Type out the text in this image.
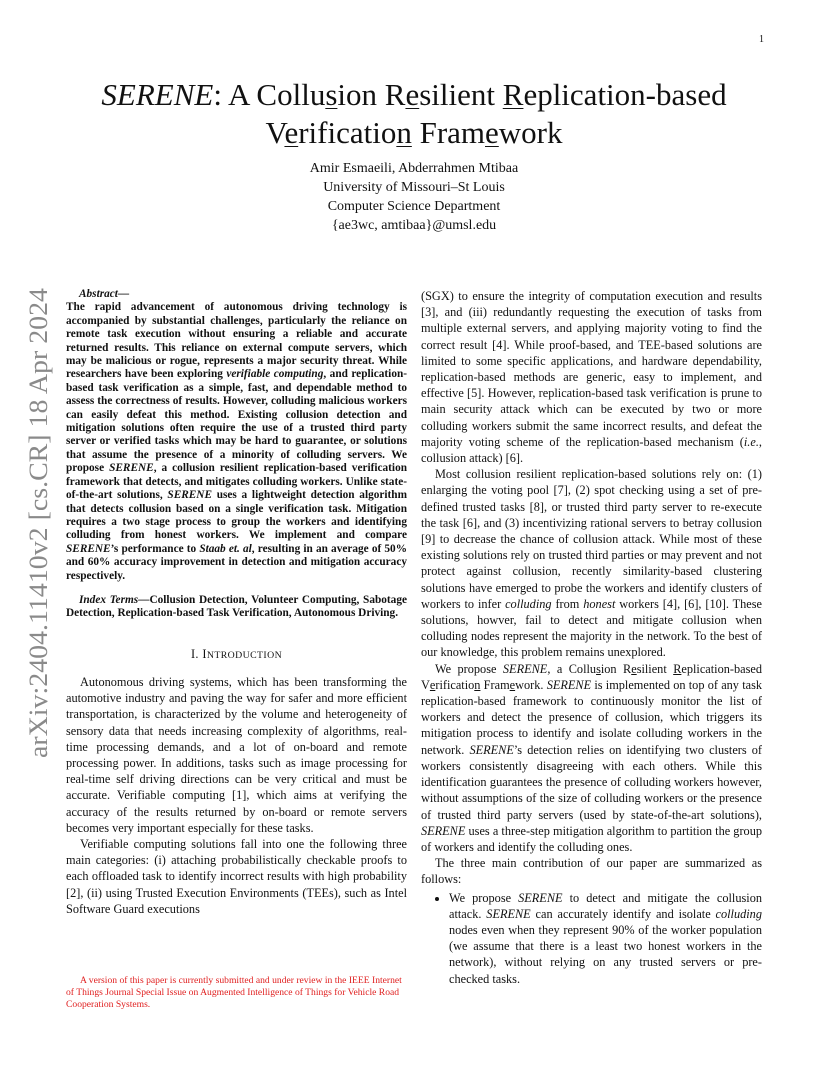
1
arXiv:2404.11410v2 [cs.CR] 18 Apr 2024
SERENE: A Collusion Resilient Replication-based
Verification Framework
Amir Esmaeili, Abderrahmen Mtibaa
University of Missouri–St Louis
Computer Science Department
{ae3wc, amtibaa}@umsl.edu
Abstract—
The rapid advancement of autonomous driving technology is accompanied by substantial challenges, particularly the reliance on remote task execution without ensuring a reliable and accurate returned results. This reliance on external compute servers, which may be malicious or rogue, represents a major security threat. While researchers have been exploring verifiable computing, and replication-based task verification as a simple, fast, and dependable method to assess the correctness of results. However, colluding malicious workers can easily defeat this method. Existing collusion detection and mitigation solutions often require the use of a trusted third party server or verified tasks which may be hard to guarantee, or solutions that assume the presence of a minority of colluding servers. We propose SERENE, a collusion resilient replication-based verification framework that detects, and mitigates colluding workers. Unlike state-of-the-art solutions, SERENE uses a lightweight detection algorithm that detects collusion based on a single verification task. Mitigation requires a two stage process to group the workers and identifying colluding from honest workers. We implement and compare SERENE’s performance to Staab et. al, resulting in an average of 50% and 60% accuracy improvement in detection and mitigation accuracy respectively.
Index Terms—Collusion Detection, Volunteer Computing, Sabotage Detection, Replication-based Task Verification, Autonomous Driving.
I. INTRODUCTION

Autonomous driving systems, which has been transforming the automotive industry and paving the way for safer and more efficient transportation, is characterized by the volume and heterogeneity of sensory data that needs increasing complexity of algorithms, real-time processing demands, and a lot of on-board and remote processing power. In additions, tasks such as image processing for real-time self driving directions can be very critical and must be accurate. Verifiable computing [1], which aims at verifying the accuracy of the results returned by on-board or remote servers becomes very important especially for these tasks.

Verifiable computing solutions fall into one the following three main categories: (i) attaching probabilistically checkable proofs to each offloaded task to identify incorrect results with high probability [2], (ii) using Trusted Execution Environments (TEEs), such as Intel Software Guard executions

(SGX) to ensure the integrity of computation execution and results [3], and (iii) redundantly requesting the execution of tasks from multiple external servers, and applying majority voting to find the correct result [4]. While proof-based, and TEE-based solutions are limited to some specific applications, and hardware dependability, replication-based methods are generic, easy to implement, and effective [5]. However, replication-based task verification is prune to main security attack which can be executed by two or more colluding workers submit the same incorrect results, and defeat the majority voting scheme of the replication-based mechanism (i.e., collusion attack) [6].

Most collusion resilient replication-based solutions rely on: (1) enlarging the voting pool [7], (2) spot checking using a set of pre-defined trusted tasks [8], or trusted third party server to re-execute the task [6], and (3) incentivizing rational servers to betray collusion [9] to decrease the chance of collusion attack. While most of these existing solutions rely on trusted third parties or may prevent and not protect against collusion, recently similarity-based clustering solutions have emerged to probe the workers and identify clusters of workers to infer colluding from honest workers [4], [6], [10]. These solutions, howver, fail to detect and mitigate collusion when colluding nodes represent the majority in the network. To the best of our knowledge, this problem remains unexplored.

We propose SERENE, a Collusion Resilient Replication-based Verification Framework. SERENE is implemented on top of any task replication-based framework to continuously monitor the list of workers and detect the presence of collusion, which triggers its mitigation process to identify and isolate colluding workers in the network. SERENE’s detection relies on identifying two clusters of workers consistently disagreeing with each others. While this identification guarantees the presence of colluding workers however, without assumptions of the size of colluding workers or the presence of trusted third party servers (used by state-of-the-art solutions), SERENE uses a three-step mitigation algorithm to partition the group of workers and identify the colluding ones.

The three main contribution of our paper are summarized as follows:

• We propose SERENE to detect and mitigate the collusion attack. SERENE can accurately identify and isolate colluding nodes even when they represent 90% of the worker population (we assume that there is a least two honest workers in the network), without relying on any trusted servers or pre-checked tasks.
A version of this paper is currently submitted and under review in the IEEE Internet of Things Journal Special Issue on Augmented Intelligence of Things for Vehicle Road Cooperation Systems.
